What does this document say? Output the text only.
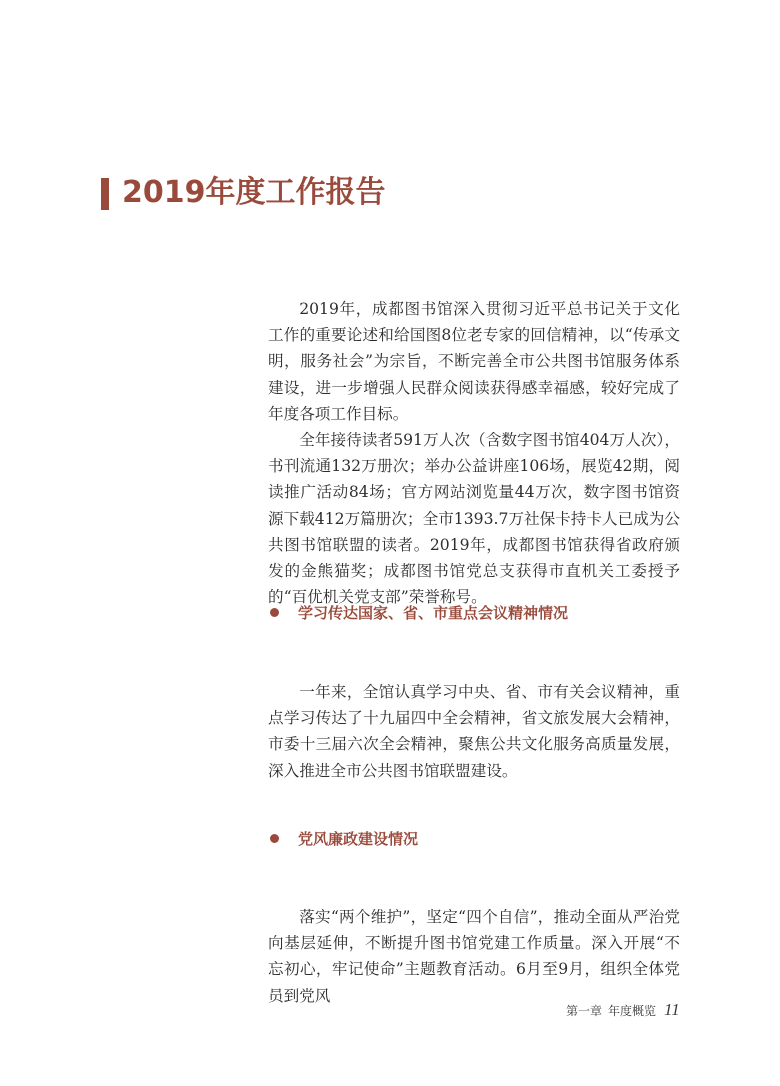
2019年度工作报告

2019年，成都图书馆深入贯彻习近平总书记关于文化工作的重要论述和给国图8位老专家的回信精神，以“传承文明，服务社会”为宗旨，不断完善全市公共图书馆服务体系建设，进一步增强人民群众阅读获得感幸福感，较好完成了年度各项工作目标。

全年接待读者591万人次（含数字图书馆404万人次），书刊流通132万册次；举办公益讲座106场，展览42期，阅读推广活动84场；官方网站浏览量44万次，数字图书馆资源下载412万篇册次；全市1393.7万社保卡持卡人已成为公共图书馆联盟的读者。2019年，成都图书馆获得省政府颁发的金熊猫奖；成都图书馆党总支获得市直机关工委授予的“百优机关党支部”荣誉称号。

学习传达国家、省、市重点会议精神情况

一年来，全馆认真学习中央、省、市有关会议精神，重点学习传达了十九届四中全会精神，省文旅发展大会精神，市委十三届六次全会精神，聚焦公共文化服务高质量发展，深入推进全市公共图书馆联盟建设。

党风廉政建设情况

落实“两个维护”，坚定“四个自信”，推动全面从严治党向基层延伸，不断提升图书馆党建工作质量。深入开展“不忘初心，牢记使命”主题教育活动。6月至9月，组织全体党员到党风

第一章 年度概览 11
